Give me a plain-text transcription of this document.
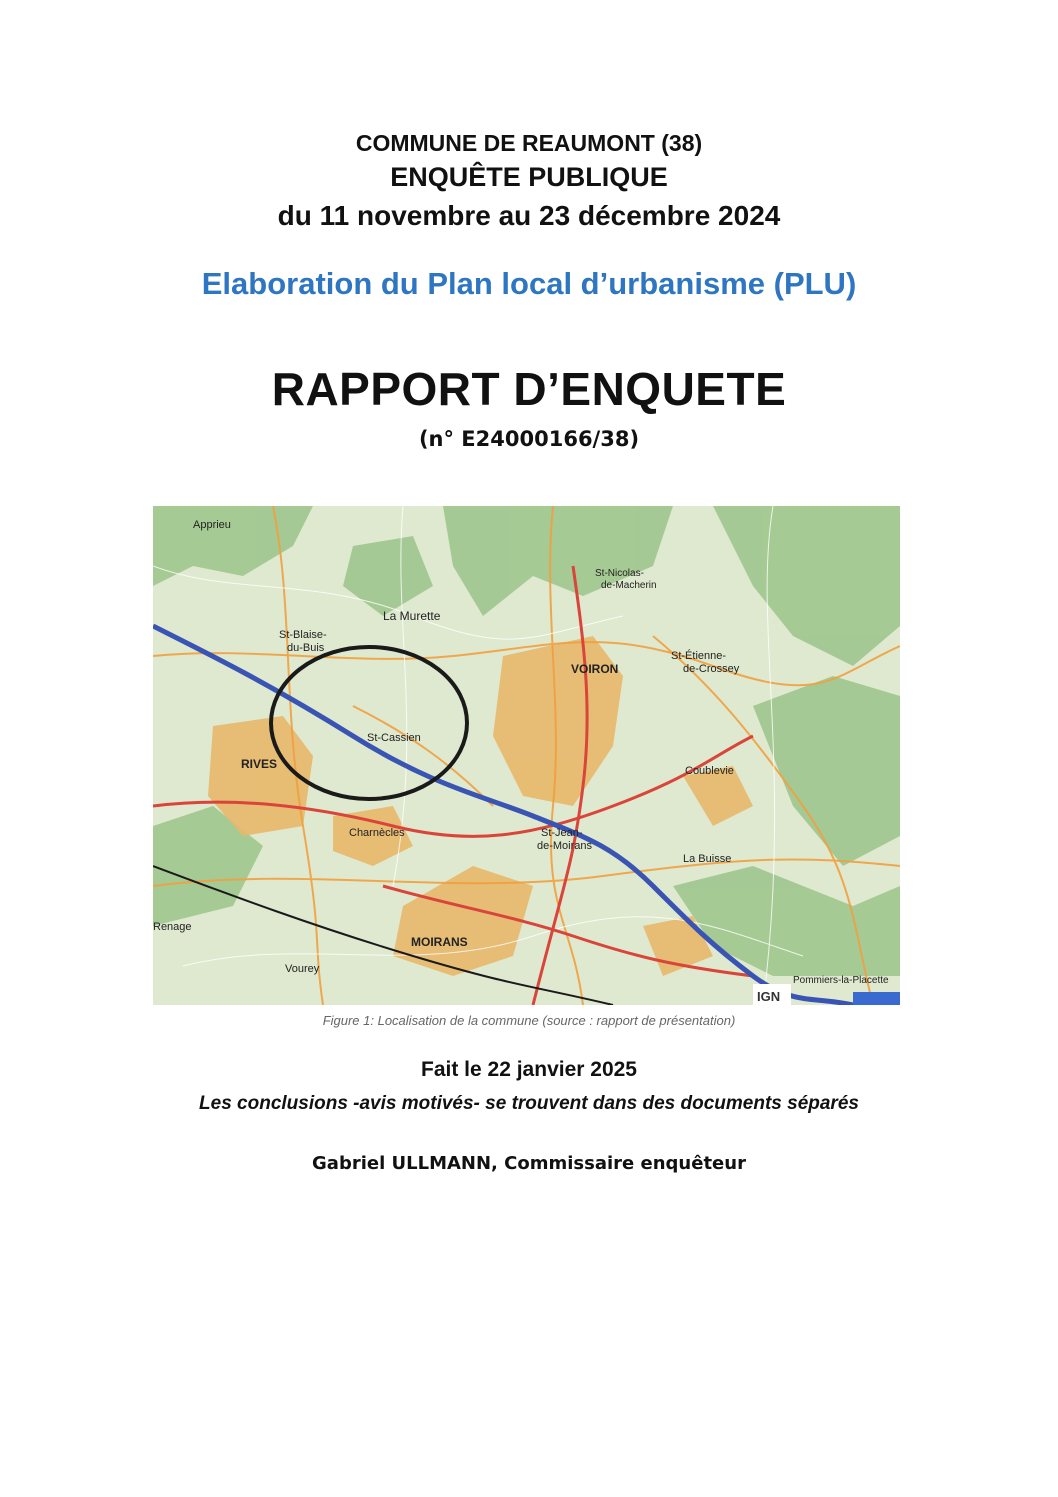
COMMUNE DE REAUMONT (38)
ENQUÊTE PUBLIQUE
du 11 novembre au 23 décembre 2024
Elaboration du Plan local d’urbanisme (PLU)
RAPPORT D’ENQUETE
(n° E24000166/38)
Apprieu
La Murette
St-Blaise-
du-Buis
VOIRON
St-Étienne-
de-Crossey
St-Cassien
RIVES
Charnècles	St-Jean-
de-Moirans
Coublevie
La Buisse
MOIRANS
Vourey
Renage
St-Nicolas-
de-Macherin
Pommiers-la-Placette
IGN
Figure 1: Localisation de la commune (source : rapport de présentation)
Fait le 22 janvier 2025
Les conclusions -avis motivés- se trouvent dans des documents séparés
Gabriel ULLMANN, Commissaire enquêteur
